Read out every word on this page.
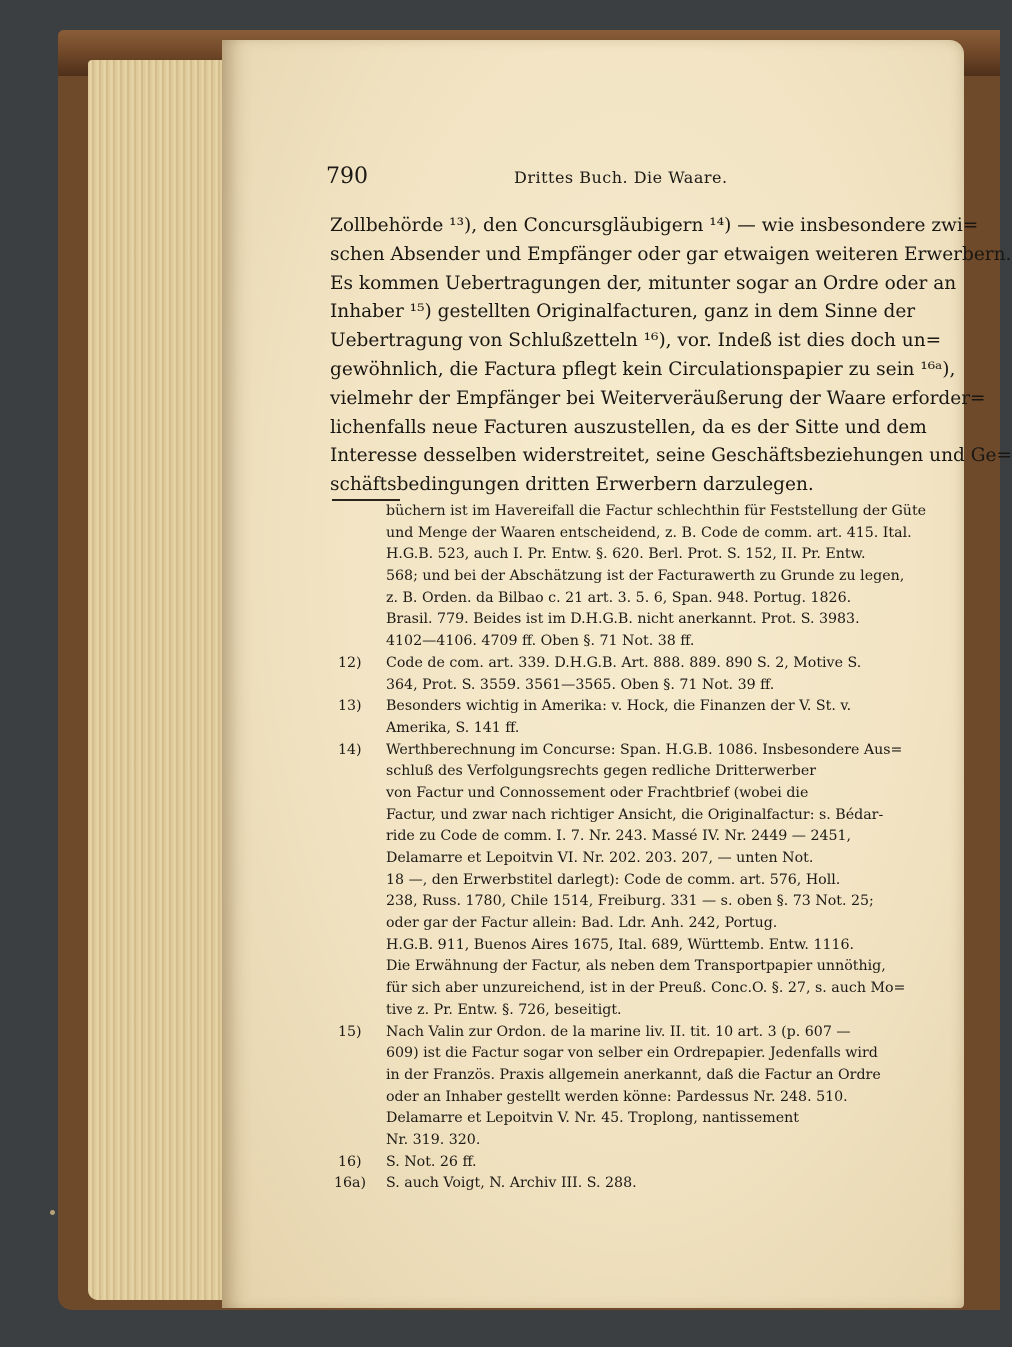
790	Drittes Buch. Die Waare.
Zollbehörde ¹³), den Concursgläubigern ¹⁴) — wie insbesondere zwi=
schen Absender und Empfänger oder gar etwaigen weiteren Erwerbern.
Es kommen Uebertragungen der, mitunter sogar an Ordre oder an
Inhaber ¹⁵) gestellten Originalfacturen, ganz in dem Sinne der
Uebertragung von Schlußzetteln ¹⁶), vor. Indeß ist dies doch un=
gewöhnlich, die Factura pflegt kein Circulationspapier zu sein ¹⁶ᵃ),
vielmehr der Empfänger bei Weiterveräußerung der Waare erforder=
lichenfalls neue Facturen auszustellen, da es der Sitte und dem
Interesse desselben widerstreitet, seine Geschäftsbeziehungen und Ge=
schäftsbedingungen dritten Erwerbern darzulegen.
büchern ist im Havereifall die Factur schlechthin für Feststellung der Güte
und Menge der Waaren entscheidend, z. B. Code de comm. art. 415. Ital.
H.G.B. 523, auch I. Pr. Entw. §. 620. Berl. Prot. S. 152, II. Pr. Entw.
568; und bei der Abschätzung ist der Facturawerth zu Grunde zu legen,
z. B. Orden. da Bilbao c. 21 art. 3. 5. 6, Span. 948. Portug. 1826.
Brasil. 779. Beides ist im D.H.G.B. nicht anerkannt. Prot. S. 3983.
4102—4106. 4709 ff. Oben §. 71 Not. 38 ff.
12) Code de com. art. 339. D.H.G.B. Art. 888. 889. 890 S. 2, Motive S.
364, Prot. S. 3559. 3561—3565. Oben §. 71 Not. 39 ff.
13) Besonders wichtig in Amerika: v. Hock, die Finanzen der V. St. v.
Amerika, S. 141 ff.
14) Werthberechnung im Concurse: Span. H.G.B. 1086. Insbesondere Aus=
schluß des Verfolgungsrechts gegen redliche Dritterwerber
von Factur und Connossement oder Frachtbrief (wobei die
Factur, und zwar nach richtiger Ansicht, die Originalfactur: s. Bédar-
ride zu Code de comm. I. 7. Nr. 243. Massé IV. Nr. 2449 — 2451,
Delamarre et Lepoitvin VI. Nr. 202. 203. 207, — unten Not.
18 —, den Erwerbstitel darlegt): Code de comm. art. 576, Holl.
238, Russ. 1780, Chile 1514, Freiburg. 331 — s. oben §. 73 Not. 25;
oder gar der Factur allein: Bad. Ldr. Anh. 242, Portug.
H.G.B. 911, Buenos Aires 1675, Ital. 689, Württemb. Entw. 1116.
Die Erwähnung der Factur, als neben dem Transportpapier unnöthig,
für sich aber unzureichend, ist in der Preuß. Conc.O. §. 27, s. auch Mo=
tive z. Pr. Entw. §. 726, beseitigt.
15) Nach Valin zur Ordon. de la marine liv. II. tit. 10 art. 3 (p. 607 —
609) ist die Factur sogar von selber ein Ordrepapier. Jedenfalls wird
in der Französ. Praxis allgemein anerkannt, daß die Factur an Ordre
oder an Inhaber gestellt werden könne: Pardessus Nr. 248. 510.
Delamarre et Lepoitvin V. Nr. 45. Troplong, nantissement
Nr. 319. 320.
16) S. Not. 26 ff.
16a) S. auch Voigt, N. Archiv III. S. 288.
